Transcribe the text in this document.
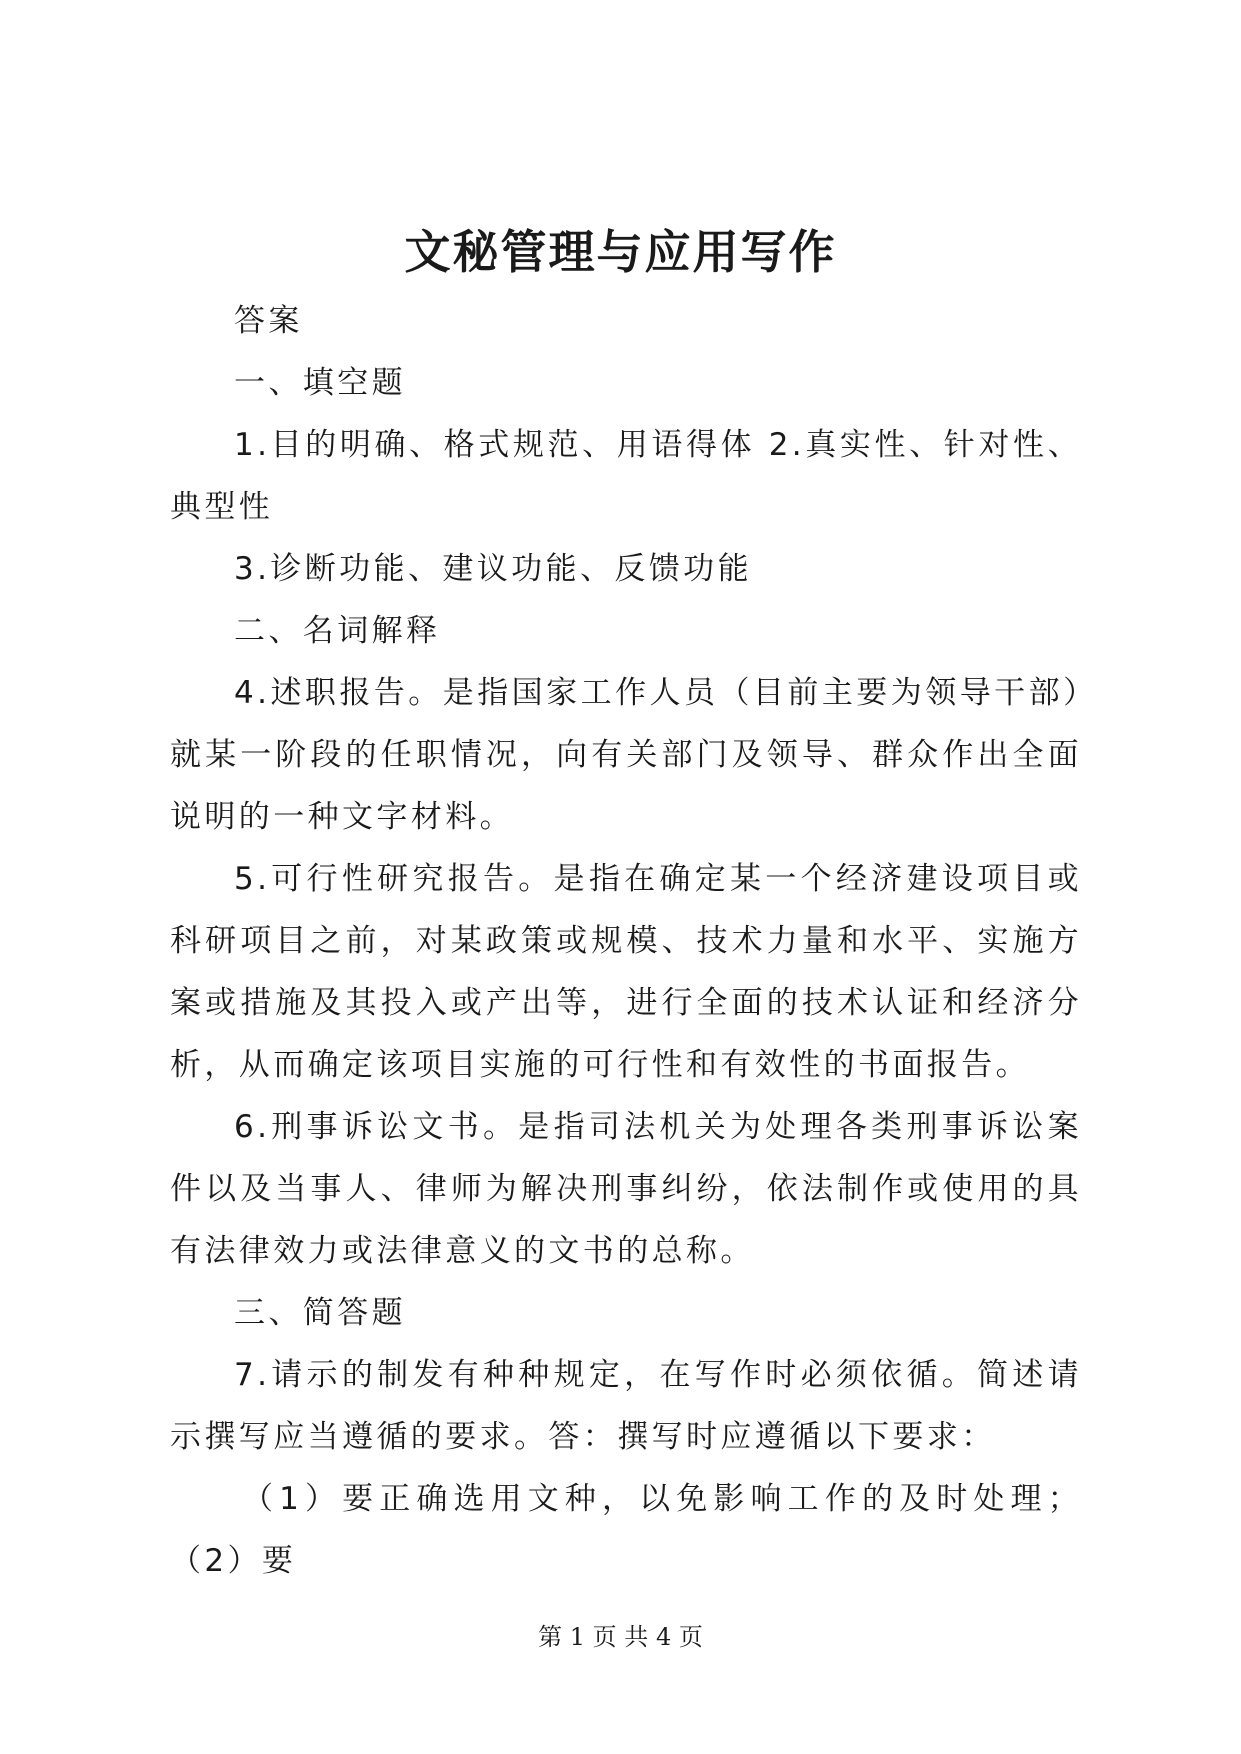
文秘管理与应用写作

答案

一、填空题

1.目的明确、格式规范、用语得体 2.真实性、针对性、典型性

3.诊断功能、建议功能、反馈功能

二、名词解释

4.述职报告。是指国家工作人员（目前主要为领导干部）就某一阶段的任职情况，向有关部门及领导、群众作出全面说明的一种文字材料。

5.可行性研究报告。是指在确定某一个经济建设项目或科研项目之前，对某政策或规模、技术力量和水平、实施方案或措施及其投入或产出等，进行全面的技术认证和经济分析，从而确定该项目实施的可行性和有效性的书面报告。

6.刑事诉讼文书。是指司法机关为处理各类刑事诉讼案件以及当事人、律师为解决刑事纠纷，依法制作或使用的具有法律效力或法律意义的文书的总称。

三、简答题

7.请示的制发有种种规定，在写作时必须依循。简述请示撰写应当遵循的要求。答：撰写时应遵循以下要求：

（1）要正确选用文种，以免影响工作的及时处理；（2）要

第 1 页 共 4 页
